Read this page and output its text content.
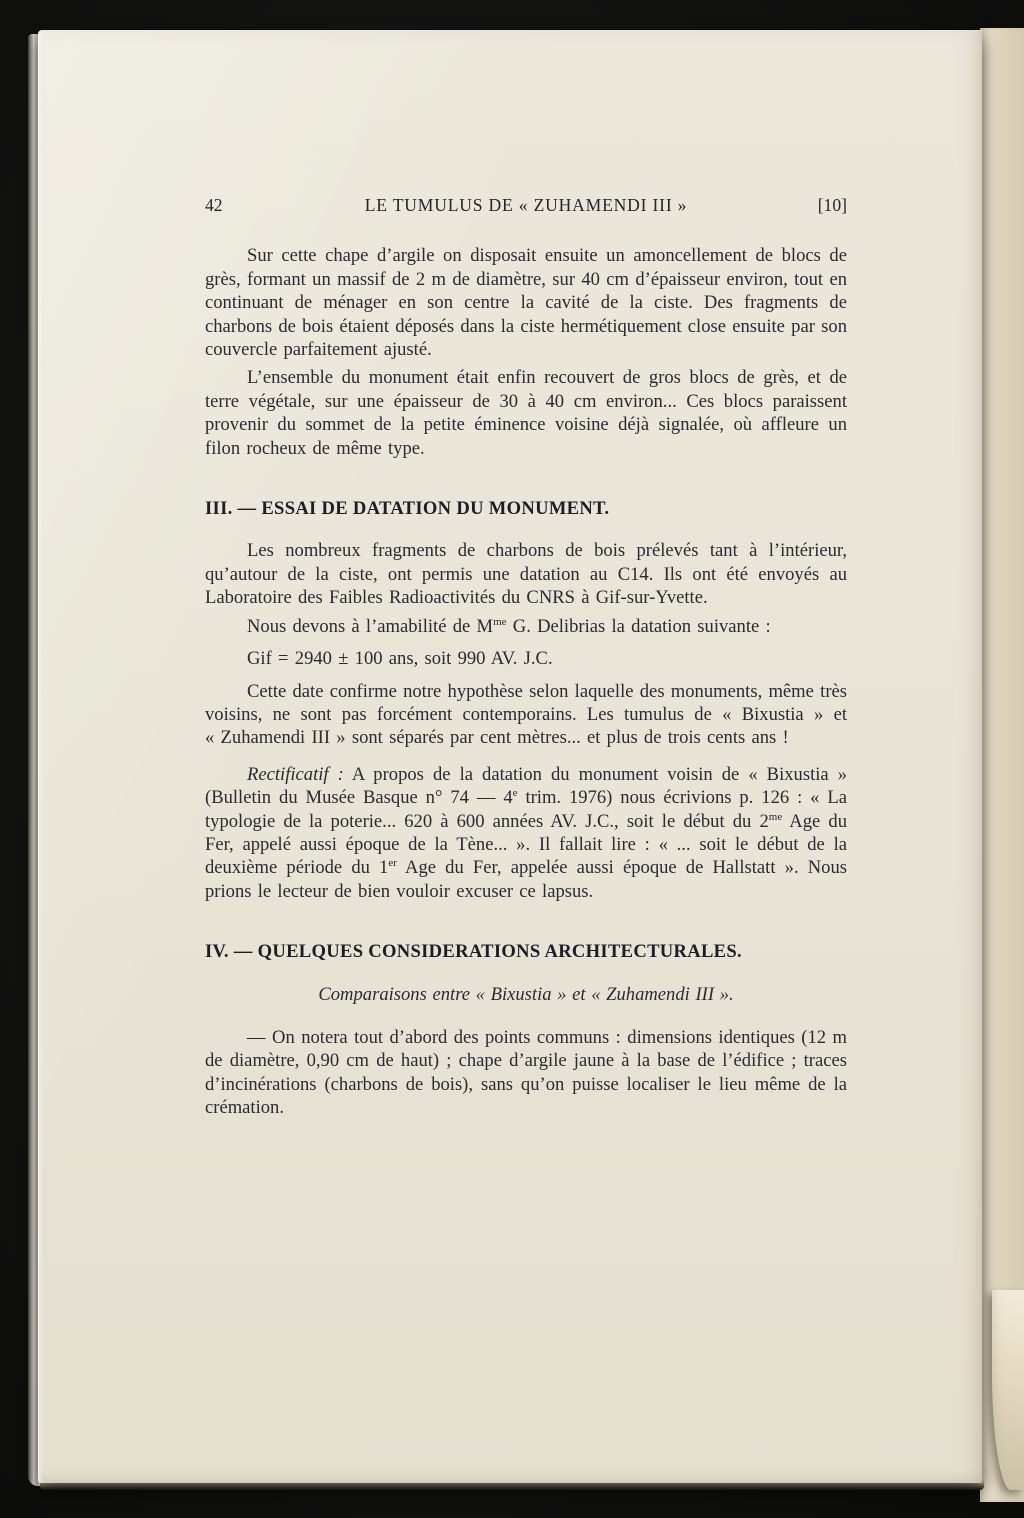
42	LE TUMULUS DE « ZUHAMENDI III »	[10]

Sur cette chape d’argile on disposait ensuite un amoncellement de blocs de grès, formant un massif de 2 m de diamètre, sur 40 cm d’épaisseur environ, tout en continuant de ménager en son centre la cavité de la ciste. Des fragments de charbons de bois étaient déposés dans la ciste hermétiquement close ensuite par son couvercle parfaitement ajusté.

L’ensemble du monument était enfin recouvert de gros blocs de grès, et de terre végétale, sur une épaisseur de 30 à 40 cm environ... Ces blocs paraissent provenir du sommet de la petite éminence voisine déjà signalée, où affleure un filon rocheux de même type.

III. — ESSAI DE DATATION DU MONUMENT.

Les nombreux fragments de charbons de bois prélevés tant à l’intérieur, qu’autour de la ciste, ont permis une datation au C14. Ils ont été envoyés au Laboratoire des Faibles Radioactivités du CNRS à Gif-sur-Yvette.

Nous devons à l’amabilité de $M^{me}$ G. Delibrias la datation suivante :

Gif = 2940 ± 100 ans, soit 990 AV. J.C.

Cette date confirme notre hypothèse selon laquelle des monuments, même très voisins, ne sont pas forcément contemporains. Les tumulus de « Bixustia » et « Zuhamendi III » sont séparés par cent mètres... et plus de trois cents ans !

Rectificatif : A propos de la datation du monument voisin de « Bixustia » (Bulletin du Musée Basque n° 74 — 4e trim. 1976) nous écrivions p. 126 : « La typologie de la poterie... 620 à 600 années AV. J.C., soit le début du $2^{me}$ Age du Fer, appelé aussi époque de la Tène... ». Il fallait lire : « ... soit le début de la deuxième période du 1er Age du Fer, appelée aussi époque de Hallstatt ». Nous prions le lecteur de bien vouloir excuser ce lapsus.

IV. — QUELQUES CONSIDERATIONS ARCHITECTURALES.
Comparaisons entre « Bixustia » et « Zuhamendi III ».

— On notera tout d’abord des points communs : dimensions identiques (12 m de diamètre, 0,90 cm de haut) ; chape d’argile jaune à la base de l’édifice ; traces d’incinérations (charbons de bois), sans qu’on puisse localiser le lieu même de la crémation.
